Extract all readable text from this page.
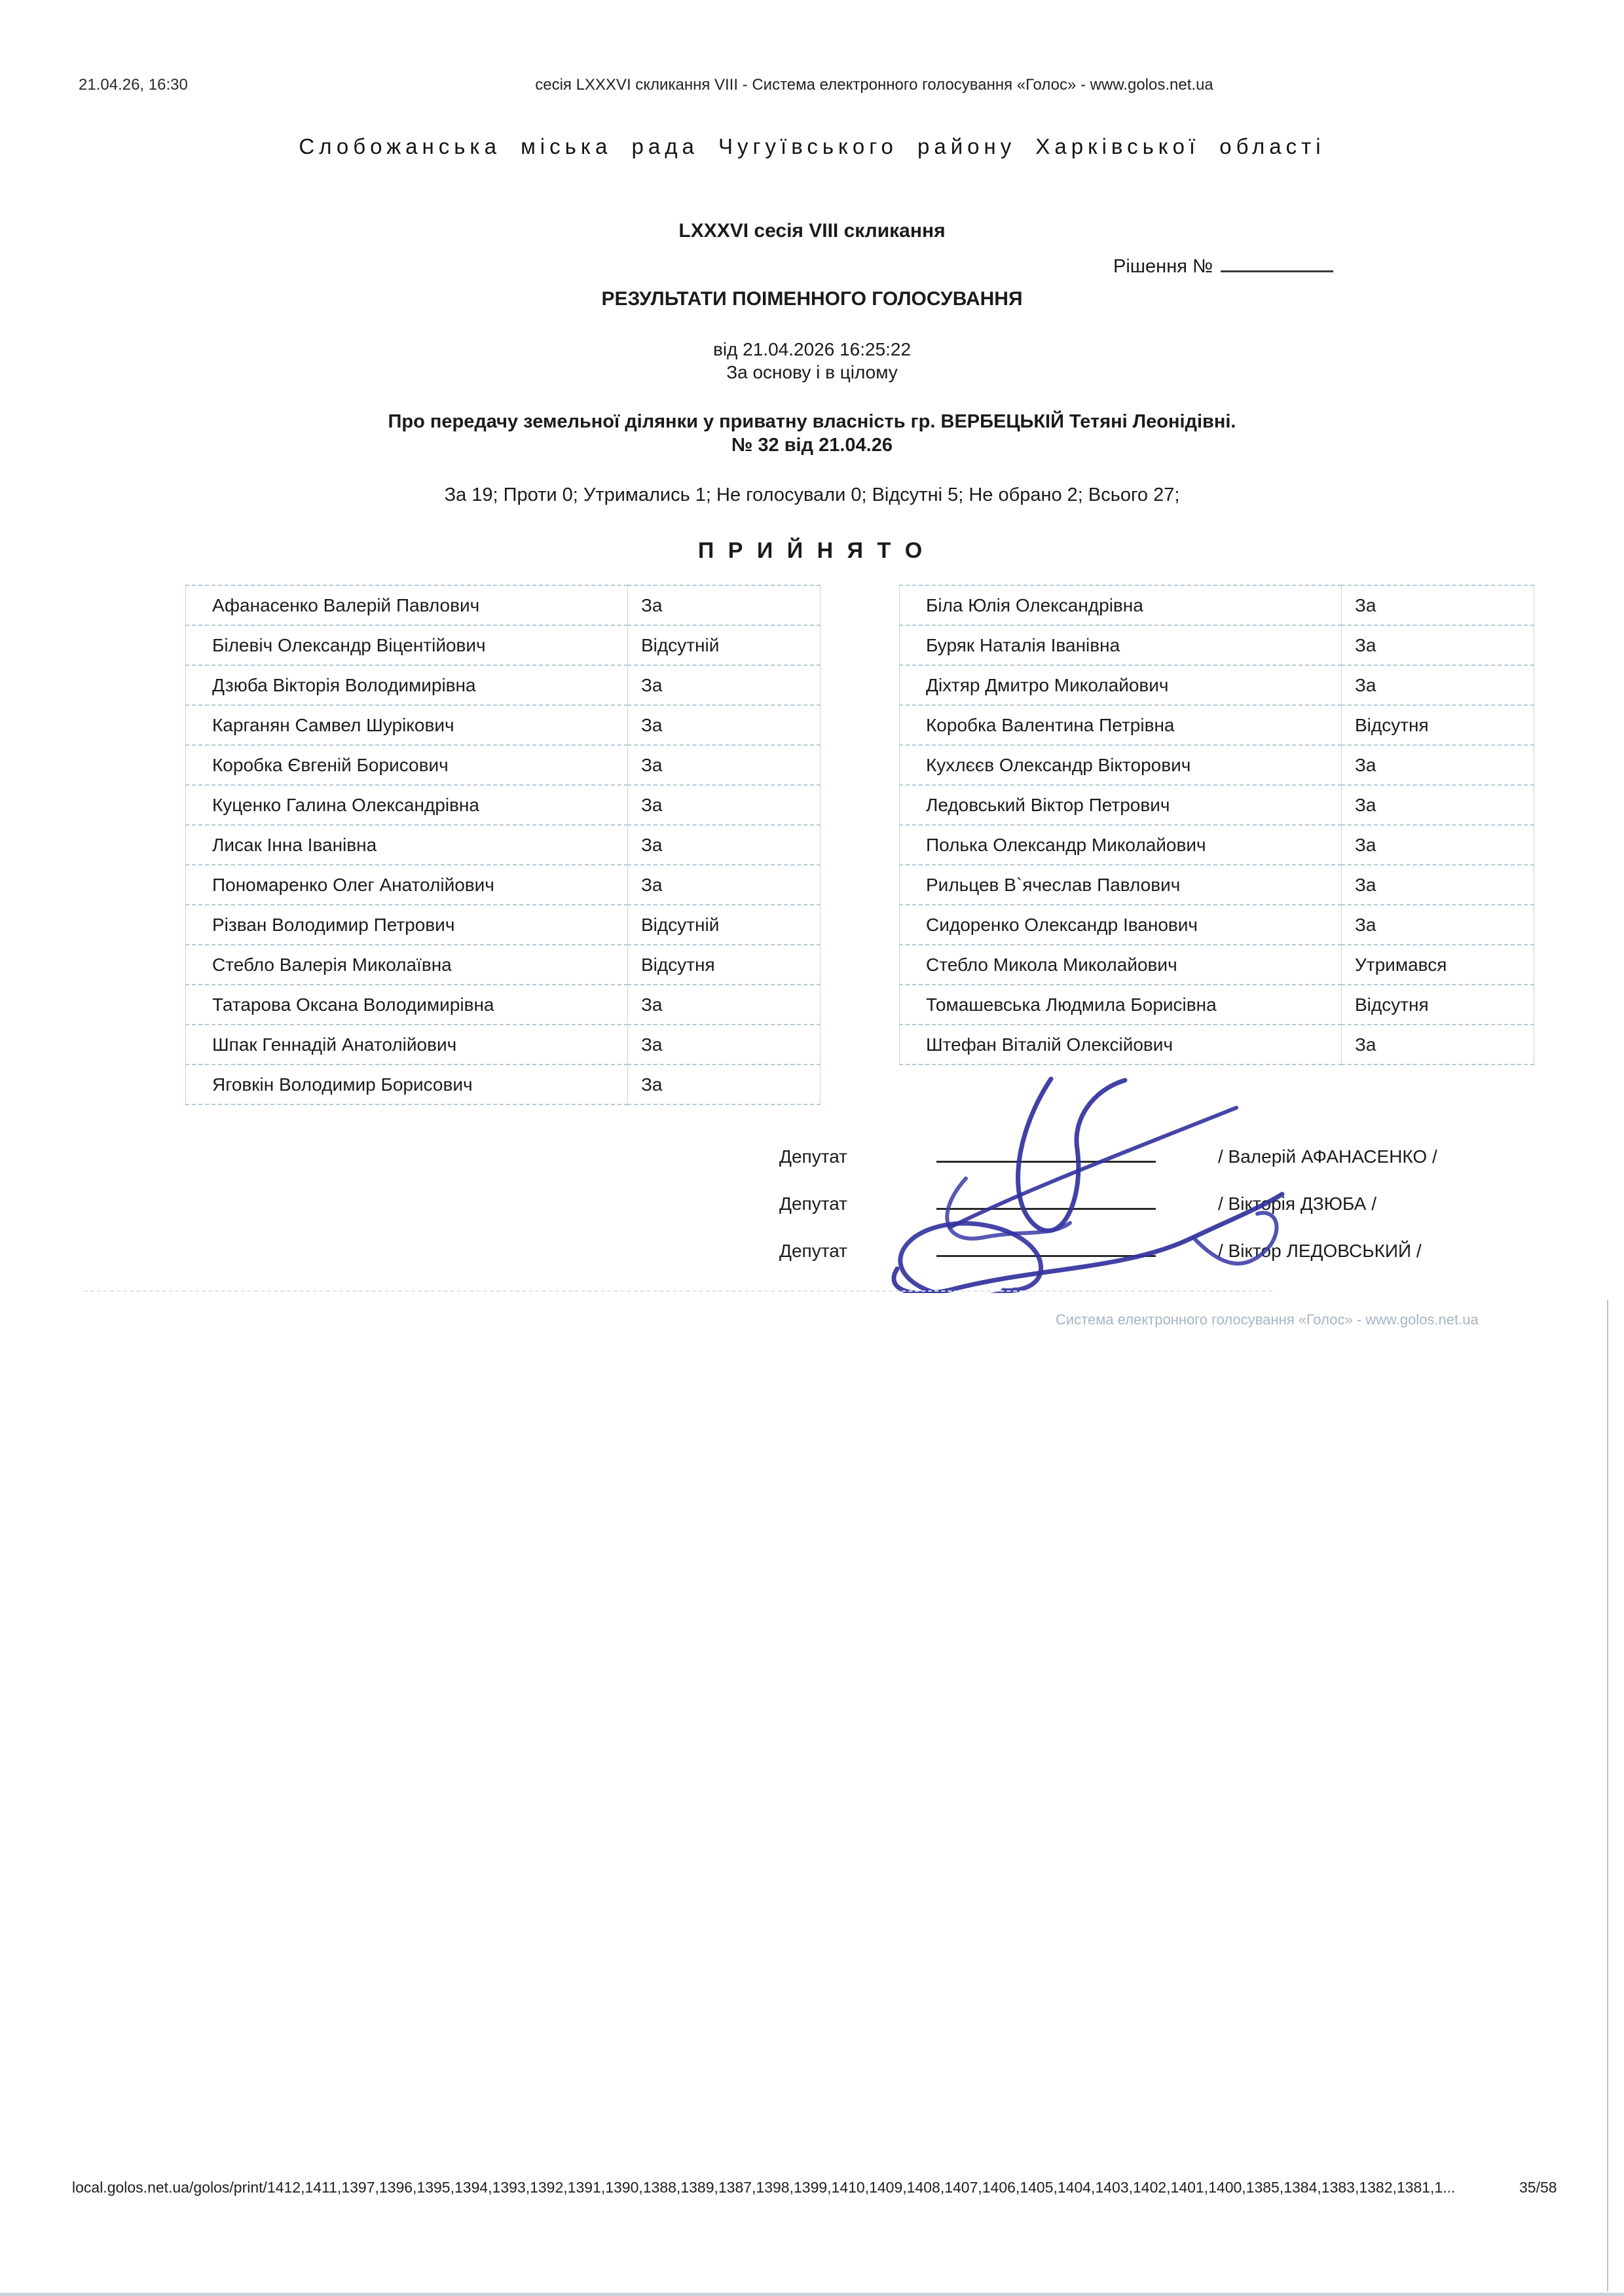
21.04.26, 16:30	сесія LXXXVI скликання VIII - Система електронного голосування «Голос» - www.golos.net.ua
Слобожанська міська рада Чугуївського району Харківської області
LXXXVI сесія VIII скликання
Рішення №
РЕЗУЛЬТАТИ ПОІМЕННОГО ГОЛОСУВАННЯ
від 21.04.2026 16:25:22
За основу і в цілому
Про передачу земельної ділянки у приватну власність гр. ВЕРБЕЦЬКІЙ Тетяні Леонідівні.
№ 32 від 21.04.26
За 19; Проти 0; Утримались 1; Не голосували 0; Відсутні 5; Не обрано 2; Всього 27;
П Р И Й Н Я Т О
Афанасенко Валерій Павлович	За
Білевіч Олександр Віцентійович	Відсутній
Дзюба Вікторія Володимирівна	За
Карганян Самвел Шурікович	За
Коробка Євгеній Борисович	За
Куценко Галина Олександрівна	За
Лисак Інна Іванівна	За
Пономаренко Олег Анатолійович	За
Різван Володимир Петрович	Відсутній
Стебло Валерія Миколаївна	Відсутня
Татарова Оксана Володимирівна	За
Шпак Геннадій Анатолійович	За
Яговкін Володимир Борисович	За
Біла Юлія Олександрівна	За
Буряк Наталія Іванівна	За
Діхтяр Дмитро Миколайович	За
Коробка Валентина Петрівна	Відсутня
Кухлєєв Олександр Вікторович	За
Ледовський Віктор Петрович	За
Полька Олександр Миколайович	За
Рильцев В`ячеслав Павлович	За
Сидоренко Олександр Іванович	За
Стебло Микола Миколайович	Утримався
Томашевська Людмила Борисівна	Відсутня
Штефан Віталій Олексійович	За
Депутат	/ Валерій АФАНАСЕНКО /
Депутат	/ Вікторія ДЗЮБА /
Депутат	/ Віктор ЛЕДОВСЬКИЙ /
Система електронного голосування «Голос» - www.golos.net.ua
local.golos.net.ua/golos/print/1412,1411,1397,1396,1395,1394,1393,1392,1391,1390,1388,1389,1387,1398,1399,1410,1409,1408,1407,1406,1405,1404,1403,1402,1401,1400,1385,1384,1383,1382,1381,1...	35/58
